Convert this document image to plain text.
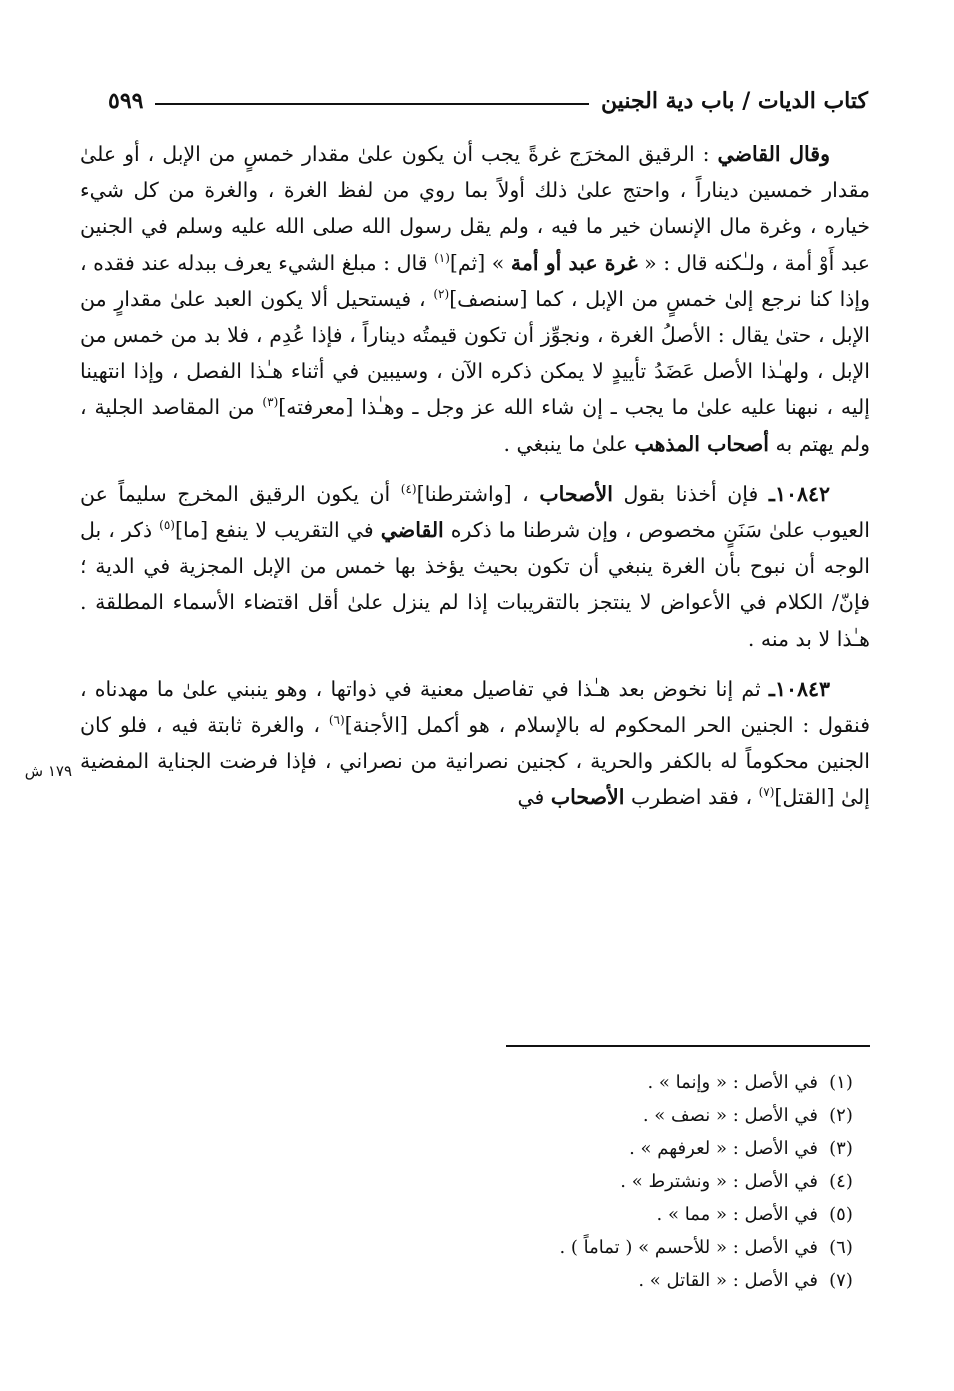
كتاب الديات / باب دية الجنين
٥٩٩
١٧٩ ش

وقال القاضي : الرقيق المخرَج غرةً يجب أن يكون علىٰ مقدار خمسٍ من الإبل ، أو علىٰ مقدار خمسين ديناراً ، واحتج علىٰ ذلك أولاً بما روي من لفظ الغرة ، والغرة من كل شيء خياره ، وغرة مال الإنسان خير ما فيه ، ولم يقل رسول الله صلى الله عليه وسلم في الجنين عبد أَوْ أمة ، ولـٰكنه قال : « غرة عبد أو أمة » [ثم]$^{(١)}$ قال : مبلغ الشيء يعرف ببدله عند فقده ، وإذا كنا نرجع إلىٰ خمسٍ من الإبل ، كما [سنصف]$^{(٢)}$ ، فيستحيل ألا يكون العبد علىٰ مقدارٍ من الإبل ، حتىٰ يقال : الأصلُ الغرة ، ونجوِّز أن تكون قيمتُه ديناراً ، فإذا عُدِم ، فلا بد من خمس من الإبل ، ولهـٰذا الأصل عَضَدُ تأييدٍ لا يمكن ذكره الآن ، وسيبين في أثناء هـٰذا الفصل ، وإذا انتهينا إليه ، نبهنا عليه علىٰ ما يجب ـ إن شاء الله عز وجل ـ وهـٰذا [معرفته]$^{(٣)}$ من المقاصد الجلية ، ولم يهتم به أصحاب المذهب علىٰ ما ينبغي .

١٠٨٤٢ـ فإن أخذنا بقول الأصحاب ، [واشترطنا]$^{(٤)}$ أن يكون الرقيق المخرج سليماً عن العيوب علىٰ سَنَنٍ مخصوص ، وإن شرطنا ما ذكره القاضي في التقريب لا ينفع [ما]$^{(٥)}$ ذكر ، بل الوجه أن نبوح بأن الغرة ينبغي أن تكون بحيث يؤخذ بها خمس من الإبل المجزية في الدية ؛ فإنّ/ الكلام في الأعواض لا ينتجز بالتقريبات إذا لم ينزل علىٰ أقل اقتضاء الأسماء المطلقة . هـٰذا لا بد منه .

١٠٨٤٣ـ ثم إنا نخوض بعد هـٰذا في تفاصيل معنية في ذواتها ، وهو ينبني علىٰ ما مهدناه ، فنقول : الجنين الحر المحكوم له بالإسلام ، هو أكمل [الأجنة]$^{(٦)}$ ، والغرة ثابتة فيه ، فلو كان الجنين محكوماً له بالكفر والحرية ، كجنين نصرانية من نصراني ، فإذا فرضت الجناية المفضية إلىٰ [القتل]$^{(٧)}$ ، فقد اضطرب الأصحاب في

(١)
في الأصل : « وإنما » .
(٢)
في الأصل : « نصف » .
(٣)
في الأصل : « لعرفهم » .
(٤)
في الأصل : « ونشترط » .
(٥)
في الأصل : « مما » .
(٦)
في الأصل : « للأحسم » ( تماماً ) .
(٧)
في الأصل : « القاتل » .
